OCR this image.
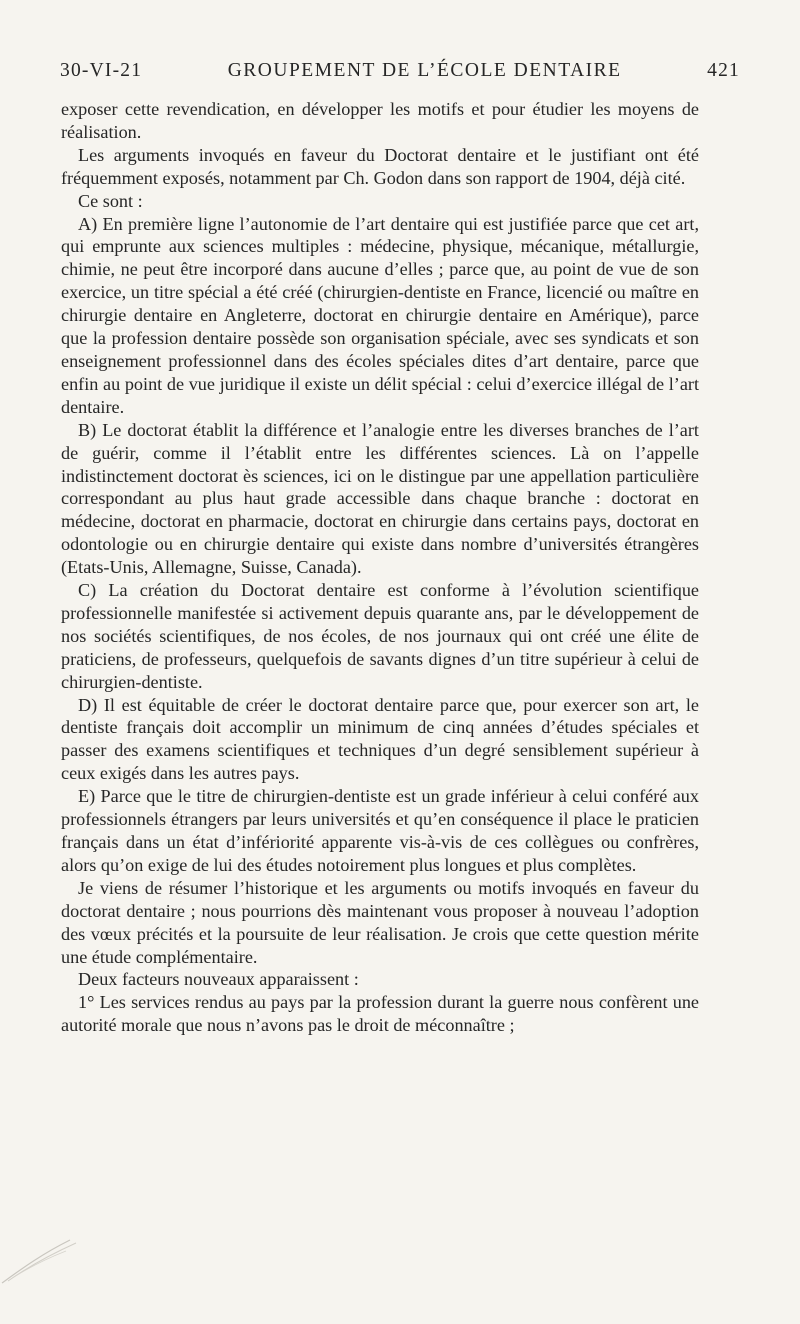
30-VI-21	GROUPEMENT DE L’ÉCOLE DENTAIRE	421

exposer cette revendication, en développer les motifs et pour étudier les moyens de réalisation.

Les arguments invoqués en faveur du Doctorat dentaire et le justifiant ont été fréquemment exposés, notamment par Ch. Godon dans son rapport de 1904, déjà cité.

Ce sont :

A) En première ligne l’autonomie de l’art dentaire qui est justifiée parce que cet art, qui emprunte aux sciences multiples : médecine, physique, mécanique, métallurgie, chimie, ne peut être incorporé dans aucune d’elles ; parce que, au point de vue de son exercice, un titre spécial a été créé (chirurgien-dentiste en France, licencié ou maître en chirurgie dentaire en Angleterre, doctorat en chirurgie dentaire en Amérique), parce que la profession dentaire possède son organisation spéciale, avec ses syndicats et son enseignement professionnel dans des écoles spéciales dites d’art dentaire, parce que enfin au point de vue juridique il existe un délit spécial : celui d’exercice illégal de l’art dentaire.

B) Le doctorat établit la différence et l’analogie entre les diverses branches de l’art de guérir, comme il l’établit entre les différentes sciences. Là on l’appelle indistinctement doctorat ès sciences, ici on le distingue par une appellation particulière correspondant au plus haut grade accessible dans chaque branche : doctorat en médecine, doctorat en pharmacie, doctorat en chirurgie dans certains pays, doctorat en odontologie ou en chirurgie dentaire qui existe dans nombre d’universités étrangères (Etats-Unis, Allemagne, Suisse, Canada).

C) La création du Doctorat dentaire est conforme à l’évolution scientifique professionnelle manifestée si activement depuis quarante ans, par le développement de nos sociétés scientifiques, de nos écoles, de nos journaux qui ont créé une élite de praticiens, de professeurs, quelquefois de savants dignes d’un titre supérieur à celui de chirurgien-dentiste.

D) Il est équitable de créer le doctorat dentaire parce que, pour exercer son art, le dentiste français doit accomplir un minimum de cinq années d’études spéciales et passer des examens scientifiques et techniques d’un degré sensiblement supérieur à ceux exigés dans les autres pays.

E) Parce que le titre de chirurgien-dentiste est un grade inférieur à celui conféré aux professionnels étrangers par leurs universités et qu’en conséquence il place le praticien français dans un état d’infériorité apparente vis-à-vis de ces collègues ou confrères, alors qu’on exige de lui des études notoirement plus longues et plus complètes.

Je viens de résumer l’historique et les arguments ou motifs invoqués en faveur du doctorat dentaire ; nous pourrions dès maintenant vous proposer à nouveau l’adoption des vœux précités et la poursuite de leur réalisation. Je crois que cette question mérite une étude complémentaire.

Deux facteurs nouveaux apparaissent :

1° Les services rendus au pays par la profession durant la guerre nous confèrent une autorité morale que nous n’avons pas le droit de méconnaître ;
